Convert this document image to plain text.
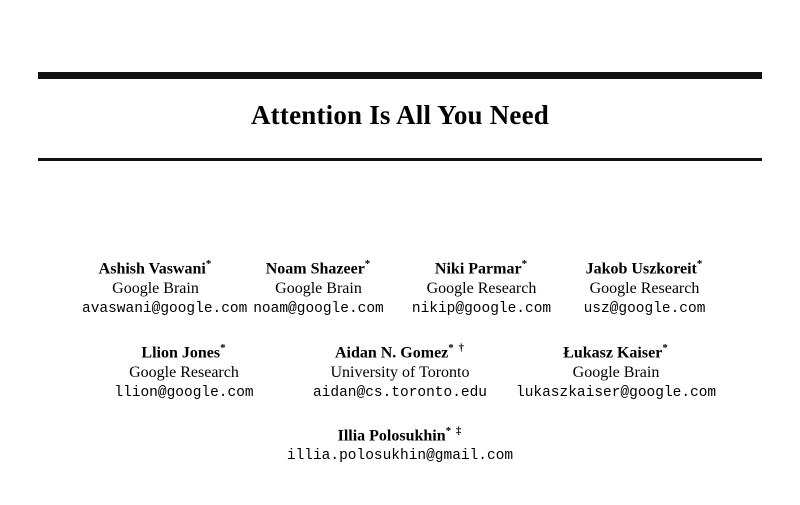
Attention Is All You Need
Ashish Vaswani*
Google Brain
avaswani@google.com
Noam Shazeer*
Google Brain
noam@google.com
Niki Parmar*
Google Research
nikip@google.com
Jakob Uszkoreit*
Google Research
usz@google.com
Llion Jones*
Google Research
llion@google.com
Aidan N. Gomez* †
University of Toronto
aidan@cs.toronto.edu
Łukasz Kaiser*
Google Brain
lukaszkaiser@google.com
Illia Polosukhin* ‡
illia.polosukhin@gmail.com
